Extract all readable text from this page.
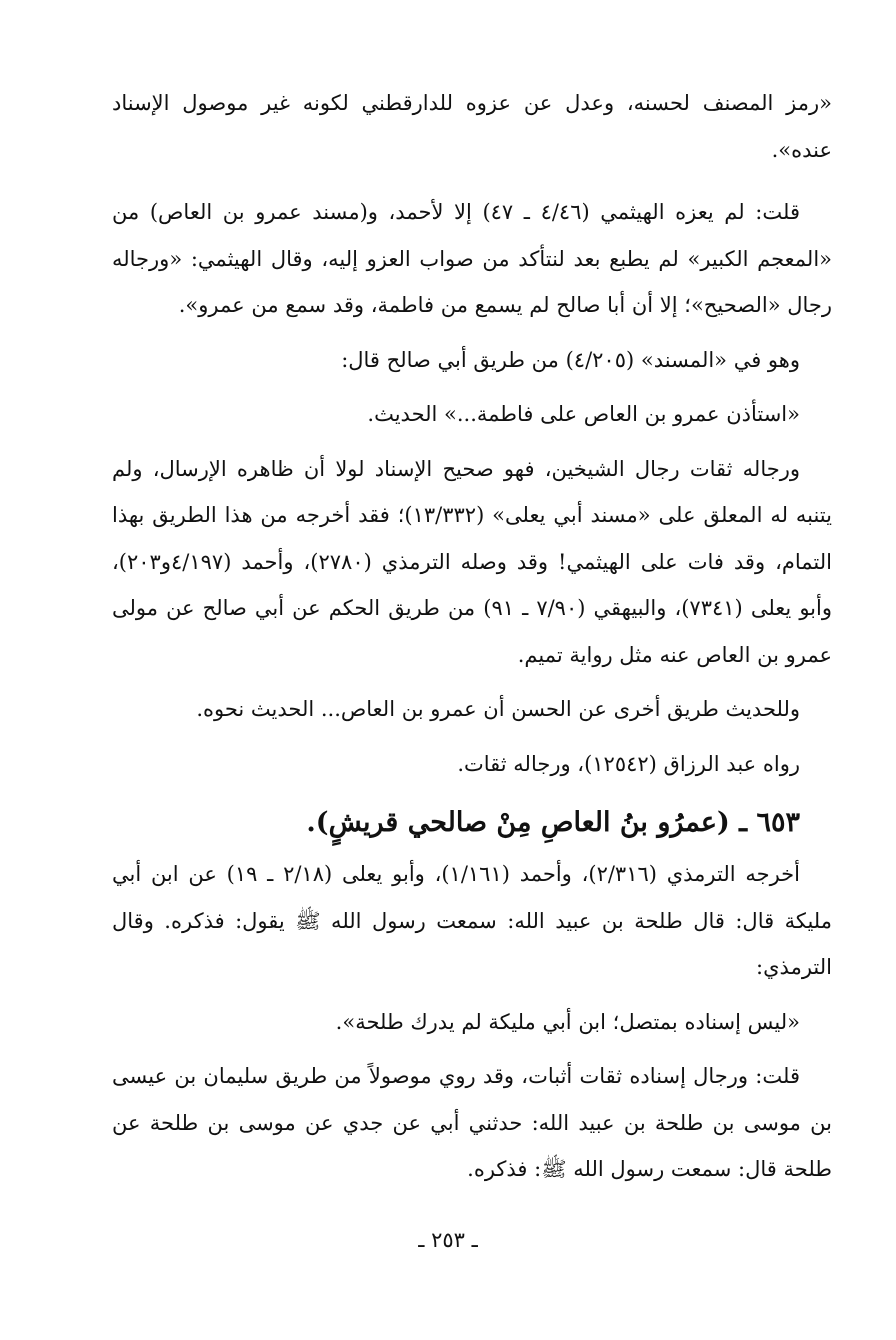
«رمز المصنف لحسنه، وعدل عن عزوه للدارقطني لكونه غير موصول الإسناد عنده».

قلت: لم يعزه الهيثمي (٤/٤٦ ـ ٤٧) إلا لأحمد، و(مسند عمرو بن العاص) من «المعجم الكبير» لم يطبع بعد لنتأكد من صواب العزو إليه، وقال الهيثمي: «ورجاله رجال «الصحيح»؛ إلا أن أبا صالح لم يسمع من فاطمة، وقد سمع من عمرو».

وهو في «المسند» (٤/٢٠٥) من طريق أبي صالح قال:

«استأذن عمرو بن العاص على فاطمة...» الحديث.

ورجاله ثقات رجال الشيخين، فهو صحيح الإسناد لولا أن ظاهره الإرسال، ولم يتنبه له المعلق على «مسند أبي يعلى» (١٣/٣٣٢)؛ فقد أخرجه من هذا الطريق بهذا التمام، وقد فات على الهيثمي! وقد وصله الترمذي (٢٧٨٠)، وأحمد (٤/١٩٧و٢٠٣)، وأبو يعلى (٧٣٤١)، والبيهقي (٧/٩٠ ـ ٩١) من طريق الحكم عن أبي صالح عن مولى عمرو بن العاص عنه مثل رواية تميم.

وللحديث طريق أخرى عن الحسن أن عمرو بن العاص... الحديث نحوه.

رواه عبد الرزاق (١٢٥٤٢)، ورجاله ثقات.

٦٥٣ ـ (عمرُو بنُ العاصِ مِنْ صالحي قريشٍ).

أخرجه الترمذي (٢/٣١٦)، وأحمد (١/١٦١)، وأبو يعلى (٢/١٨ ـ ١٩) عن ابن أبي مليكة قال: قال طلحة بن عبيد الله: سمعت رسول الله ﷺ يقول: فذكره. وقال الترمذي:

«ليس إسناده بمتصل؛ ابن أبي مليكة لم يدرك طلحة».

قلت: ورجال إسناده ثقات أثبات، وقد روي موصولاً من طريق سليمان بن عيسى بن موسى بن طلحة بن عبيد الله: حدثني أبي عن جدي عن موسى بن طلحة عن طلحة قال: سمعت رسول الله ﷺ: فذكره.

ـ ٢٥٣ ـ
